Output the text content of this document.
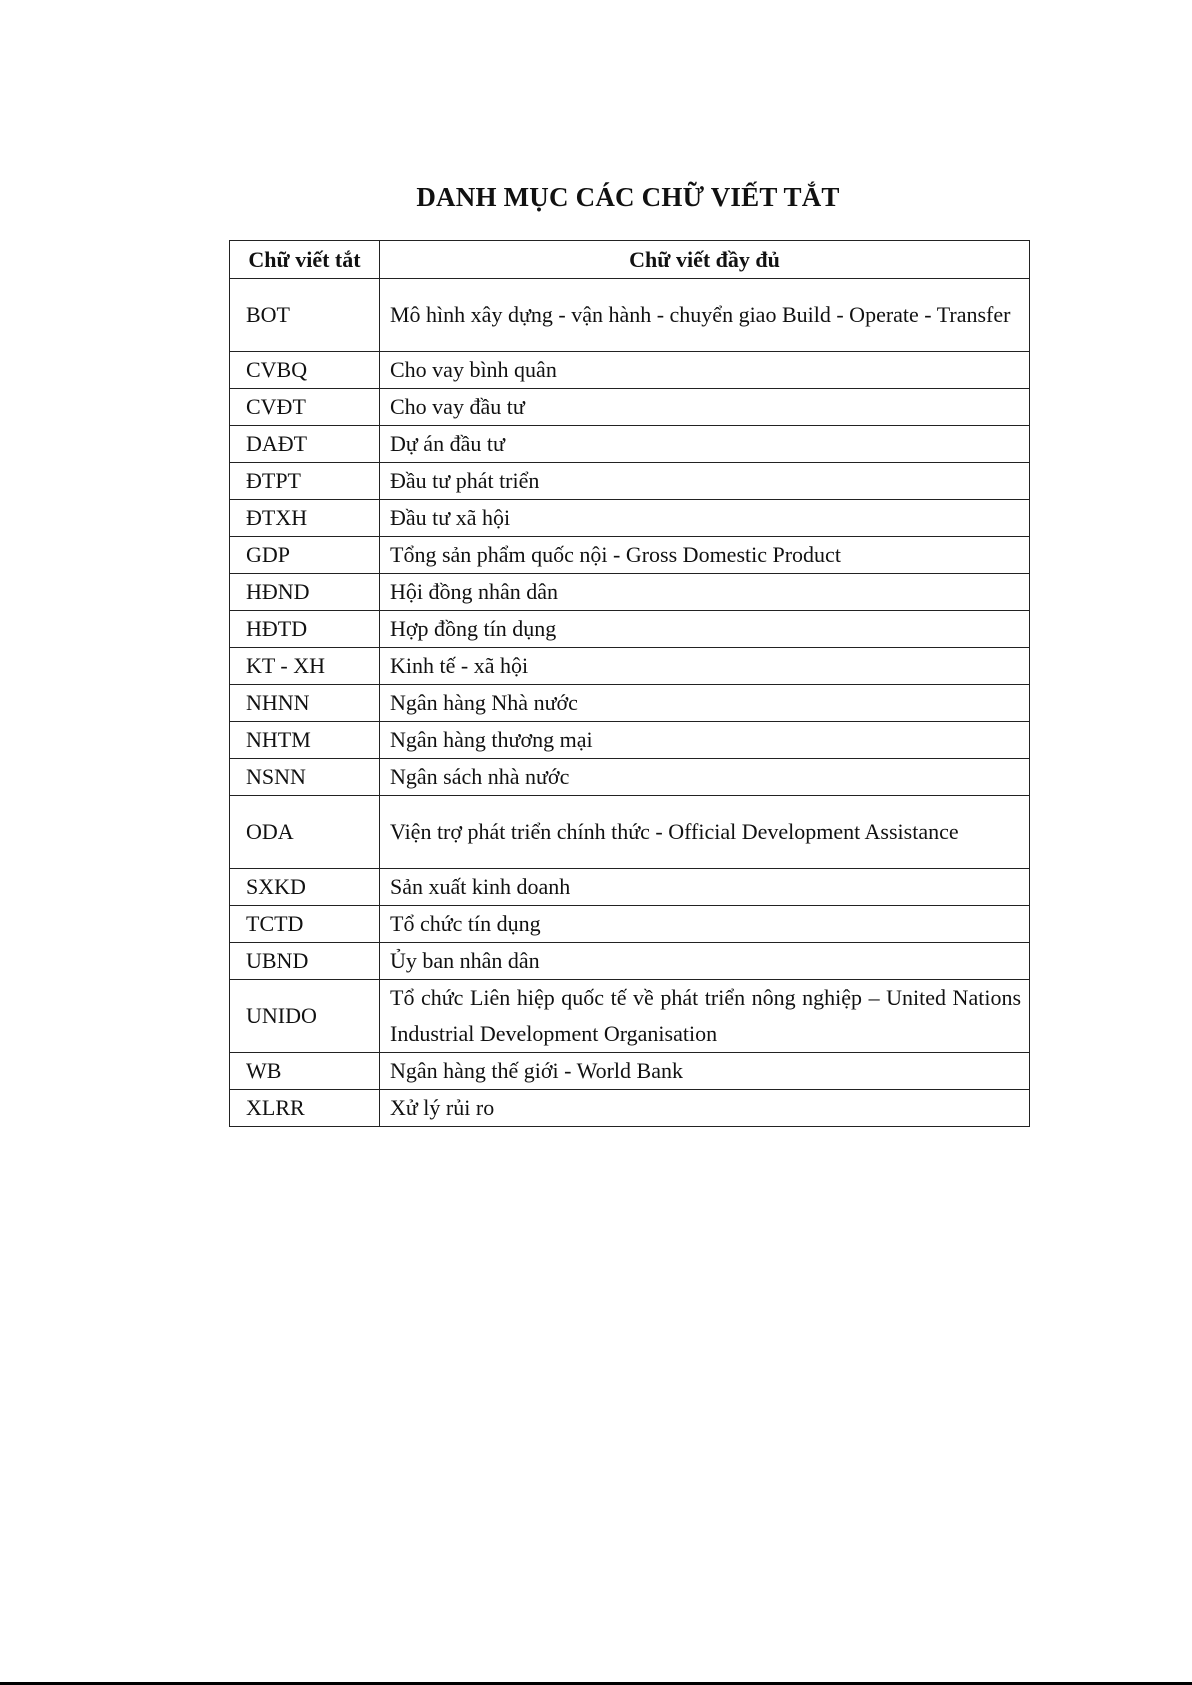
DANH MỤC CÁC CHỮ VIẾT TẮT
Chữ viết tắt	Chữ viết đầy đủ
BOT	Mô hình xây dựng - vận hành - chuyển giao Build - Operate - Transfer
CVBQ	Cho vay bình quân
CVĐT	Cho vay đầu tư
DAĐT	Dự án đầu tư
ĐTPT	Đầu tư phát triển
ĐTXH	Đầu tư xã hội
GDP	Tổng sản phẩm quốc nội - Gross Domestic Product
HĐND	Hội đồng nhân dân
HĐTD	Hợp đồng tín dụng
KT - XH	Kinh tế - xã hội
NHNN	Ngân hàng Nhà nước
NHTM	Ngân hàng thương mại
NSNN	Ngân sách nhà nước
ODA	Viện trợ phát triển chính thức - Official Development Assistance
SXKD	Sản xuất kinh doanh
TCTD	Tổ chức tín dụng
UBND	Ủy ban nhân dân
UNIDO	Tổ chức Liên hiệp quốc tế về phát triển nông nghiệp – United Nations Industrial Development Organisation
WB	Ngân hàng thế giới - World Bank
XLRR	Xử lý rủi ro
